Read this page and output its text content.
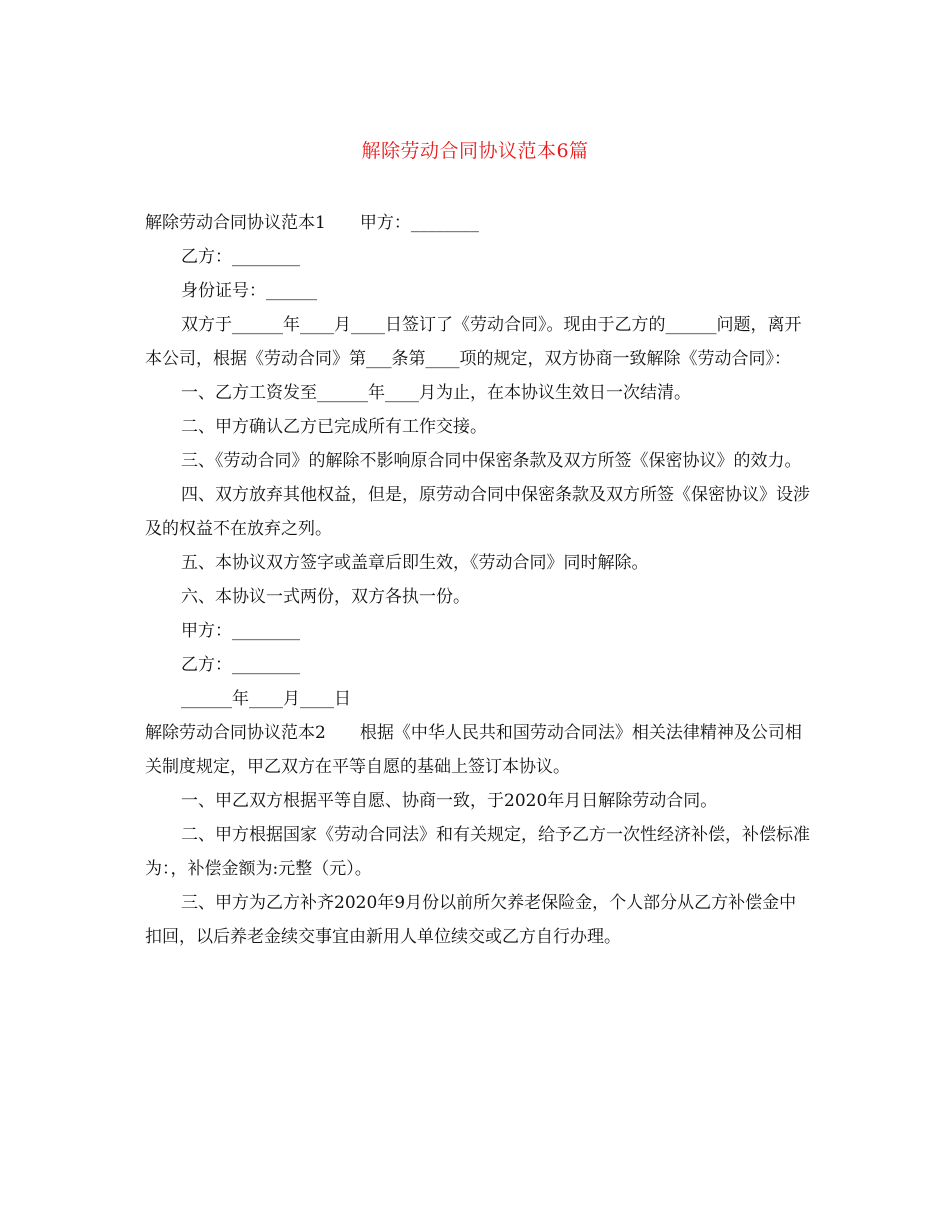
解除劳动合同协议范本6篇

解除劳动合同协议范本1　　甲方：________

乙方：________

身份证号：______

双方于______年____月____日签订了《劳动合同》。现由于乙方的______问题，离开本公司，根据《劳动合同》第___条第____项的规定，双方协商一致解除《劳动合同》：

一、乙方工资发至______年____月为止，在本协议生效日一次结清。

二、甲方确认乙方已完成所有工作交接。

三、《劳动合同》的解除不影响原合同中保密条款及双方所签《保密协议》的效力。

四、双方放弃其他权益，但是，原劳动合同中保密条款及双方所签《保密协议》设涉及的权益不在放弃之列。

五、本协议双方签字或盖章后即生效，《劳动合同》同时解除。

六、本协议一式两份，双方各执一份。

甲方：________

乙方：________

______年____月____日

解除劳动合同协议范本2　　根据《中华人民共和国劳动合同法》相关法律精神及公司相关制度规定，甲乙双方在平等自愿的基础上签订本协议。

一、甲乙双方根据平等自愿、协商一致，于2020年月日解除劳动合同。

二、甲方根据国家《劳动合同法》和有关规定，给予乙方一次性经济补偿，补偿标准为：，补偿金额为:元整（元）。

三、甲方为乙方补齐2020年9月份以前所欠养老保险金，个人部分从乙方补偿金中扣回，以后养老金续交事宜由新用人单位续交或乙方自行办理。
